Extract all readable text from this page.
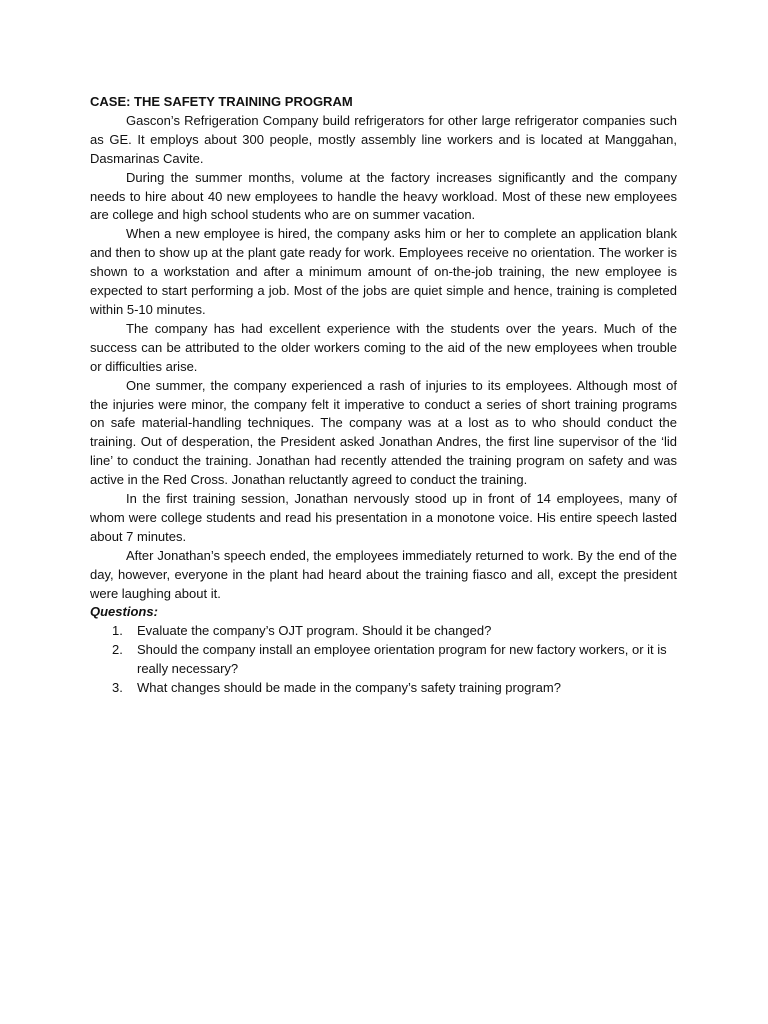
CASE: THE SAFETY TRAINING PROGRAM

Gascon’s Refrigeration Company build refrigerators for other large refrigerator companies such as GE. It employs about 300 people, mostly assembly line workers and is located at Manggahan, Dasmarinas Cavite.

During the summer months, volume at the factory increases significantly and the company needs to hire about 40 new employees to handle the heavy workload. Most of these new employees are college and high school students who are on summer vacation.

When a new employee is hired, the company asks him or her to complete an application blank and then to show up at the plant gate ready for work. Employees receive no orientation. The worker is shown to a workstation and after a minimum amount of on-the-job training, the new employee is expected to start performing a job. Most of the jobs are quiet simple and hence, training is completed within 5-10 minutes.

The company has had excellent experience with the students over the years. Much of the success can be attributed to the older workers coming to the aid of the new employees when trouble or difficulties arise.

One summer, the company experienced a rash of injuries to its employees. Although most of the injuries were minor, the company felt it imperative to conduct a series of short training programs on safe material-handling techniques. The company was at a lost as to who should conduct the training. Out of desperation, the President asked Jonathan Andres, the first line supervisor of the ‘lid line’ to conduct the training. Jonathan had recently attended the training program on safety and was active in the Red Cross. Jonathan reluctantly agreed to conduct the training.

In the first training session, Jonathan nervously stood up in front of 14 employees, many of whom were college students and read his presentation in a monotone voice. His entire speech lasted about 7 minutes.

After Jonathan’s speech ended, the employees immediately returned to work. By the end of the day, however, everyone in the plant had heard about the training fiasco and all, except the president were laughing about it.

Questions:

1. Evaluate the company’s OJT program. Should it be changed?
2. Should the company install an employee orientation program for new factory workers, or it is really necessary?
3. What changes should be made in the company’s safety training program?
